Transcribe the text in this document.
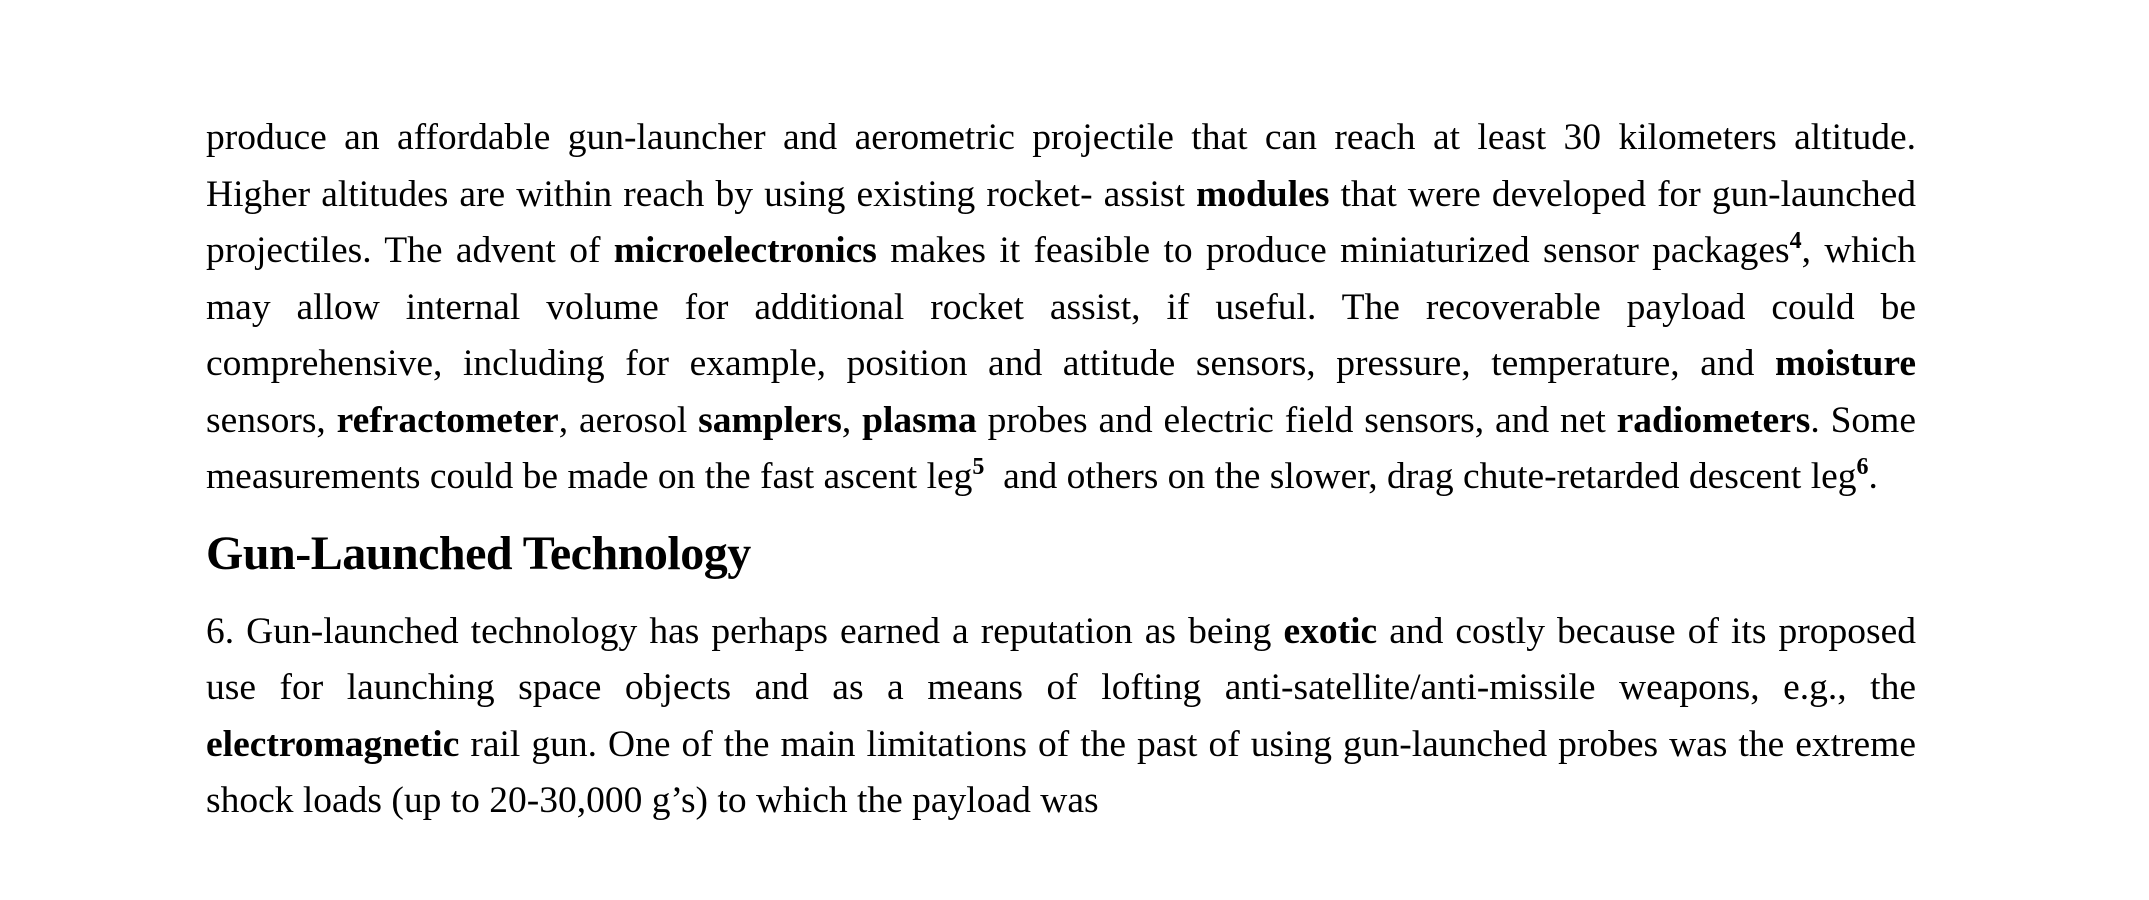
produce an affordable gun-launcher and aerometric projectile that can reach at least 30 kilometers altitude. Higher altitudes are within reach by using existing rocket- assist modules that were developed for gun-launched projectiles. The advent of microelectronics makes it feasible to produce miniaturized sensor packages$^4$, which may allow internal volume for additional rocket assist, if useful. The recoverable payload could be comprehensive, including for example, position and attitude sensors, pressure, temperature, and moisture sensors, refractometer, aerosol samplers, plasma probes and electric field sensors, and net radiometers. Some measurements could be made on the fast ascent leg$^5$  and others on the slower, drag chute-retarded descent leg$^6$.

Gun-Launched Technology

6. Gun-launched technology has perhaps earned a reputation as being exotic and costly because of its proposed use for launching space objects and as a means of lofting anti-satellite/anti-missile weapons, e.g., the electromagnetic rail gun. One of the main limitations of the past of using gun-launched probes was the extreme shock loads (up to 20-30,000 g’s) to which the payload was
